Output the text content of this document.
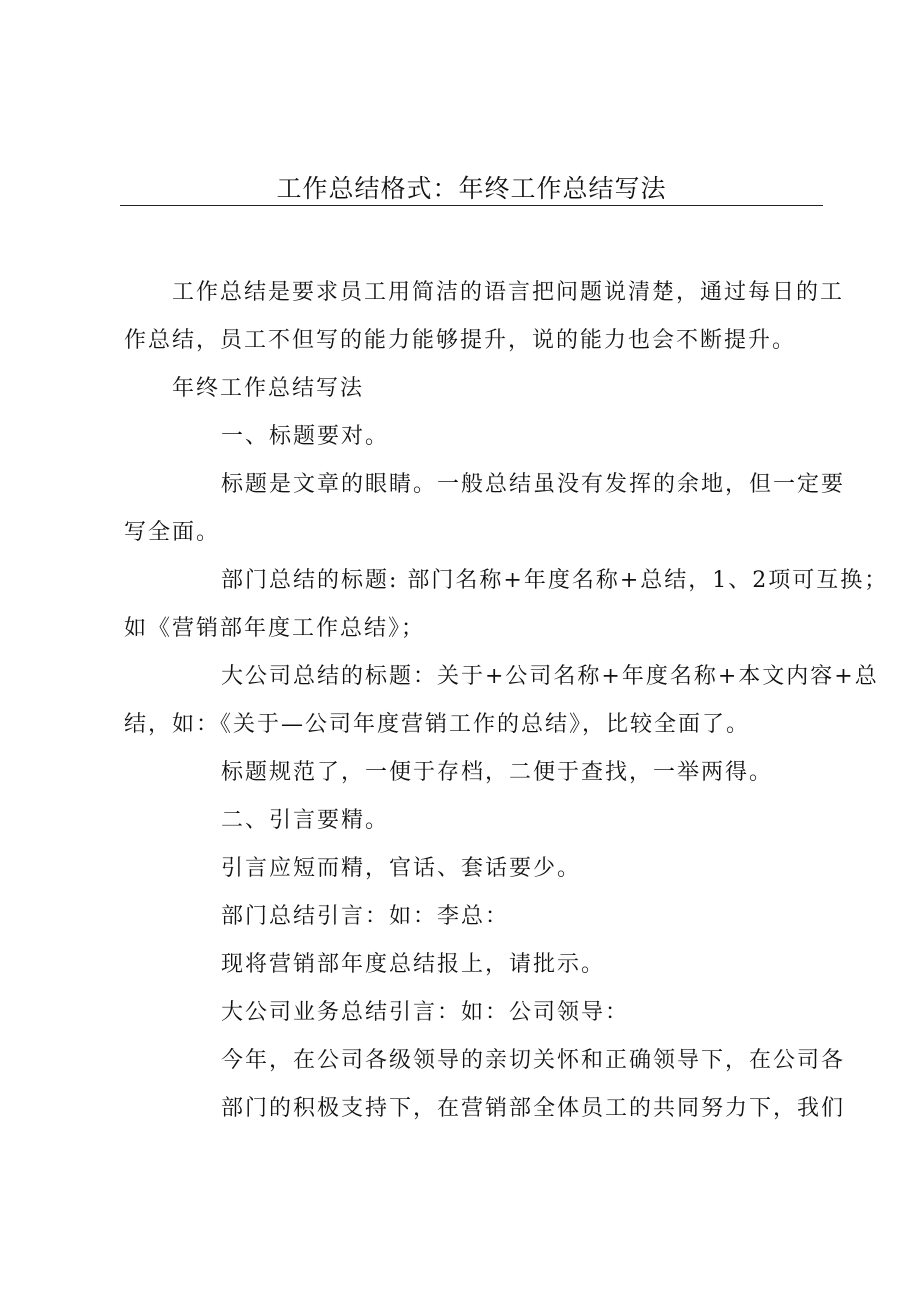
工作总结格式：年终工作总结写法
工作总结是要求员工用简洁的语言把问题说清楚，通过每日的工
作总结，员工不但写的能力能够提升，说的能力也会不断提升。
年终工作总结写法
一、标题要对。
标题是文章的眼睛。一般总结虽没有发挥的余地，但一定要
写全面。
部门总结的标题: 部门名称+年度名称+总结，1、2项可互换；
如《营销部年度工作总结》；
大公司总结的标题：关于+公司名称+年度名称+本文内容+总
结，如：《关于—公司年度营销工作的总结》，比较全面了。
标题规范了，一便于存档，二便于查找，一举两得。
二、引言要精。
引言应短而精，官话、套话要少。
部门总结引言：如：李总：
现将营销部年度总结报上，请批示。
大公司业务总结引言：如：公司领导：
今年，在公司各级领导的亲切关怀和正确领导下，在公司各
部门的积极支持下，在营销部全体员工的共同努力下，我们
